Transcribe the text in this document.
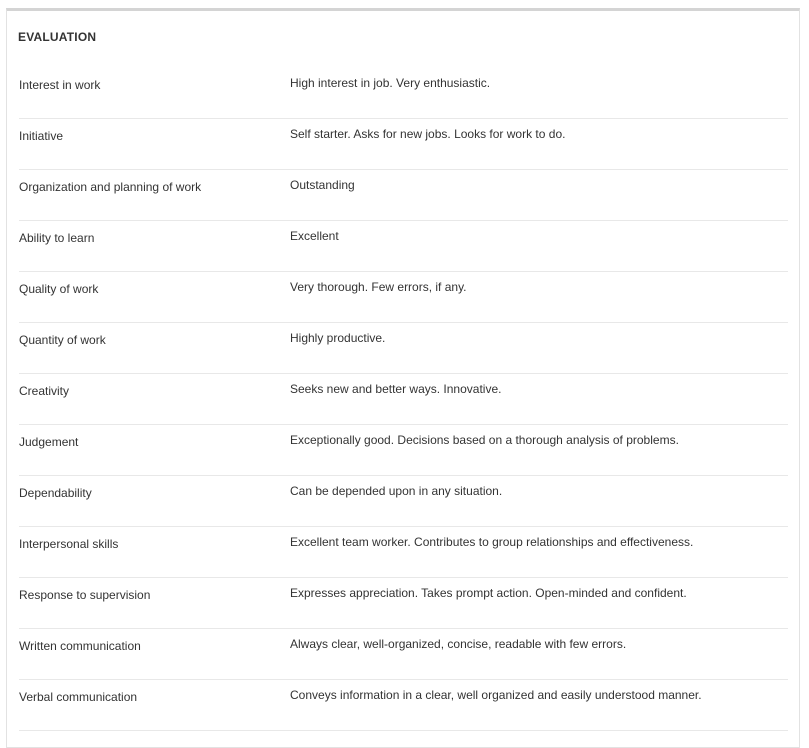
EVALUATION
Interest in work	High interest in job. Very enthusiastic.
Initiative	Self starter. Asks for new jobs. Looks for work to do.
Organization and planning of work	Outstanding
Ability to learn	Excellent
Quality of work	Very thorough. Few errors, if any.
Quantity of work	Highly productive.
Creativity	Seeks new and better ways. Innovative.
Judgement	Exceptionally good. Decisions based on a thorough analysis of problems.
Dependability	Can be depended upon in any situation.
Interpersonal skills	Excellent team worker. Contributes to group relationships and effectiveness.
Response to supervision	Expresses appreciation. Takes prompt action. Open-minded and confident.
Written communication	Always clear, well-organized, concise, readable with few errors.
Verbal communication	Conveys information in a clear, well organized and easily understood manner.
